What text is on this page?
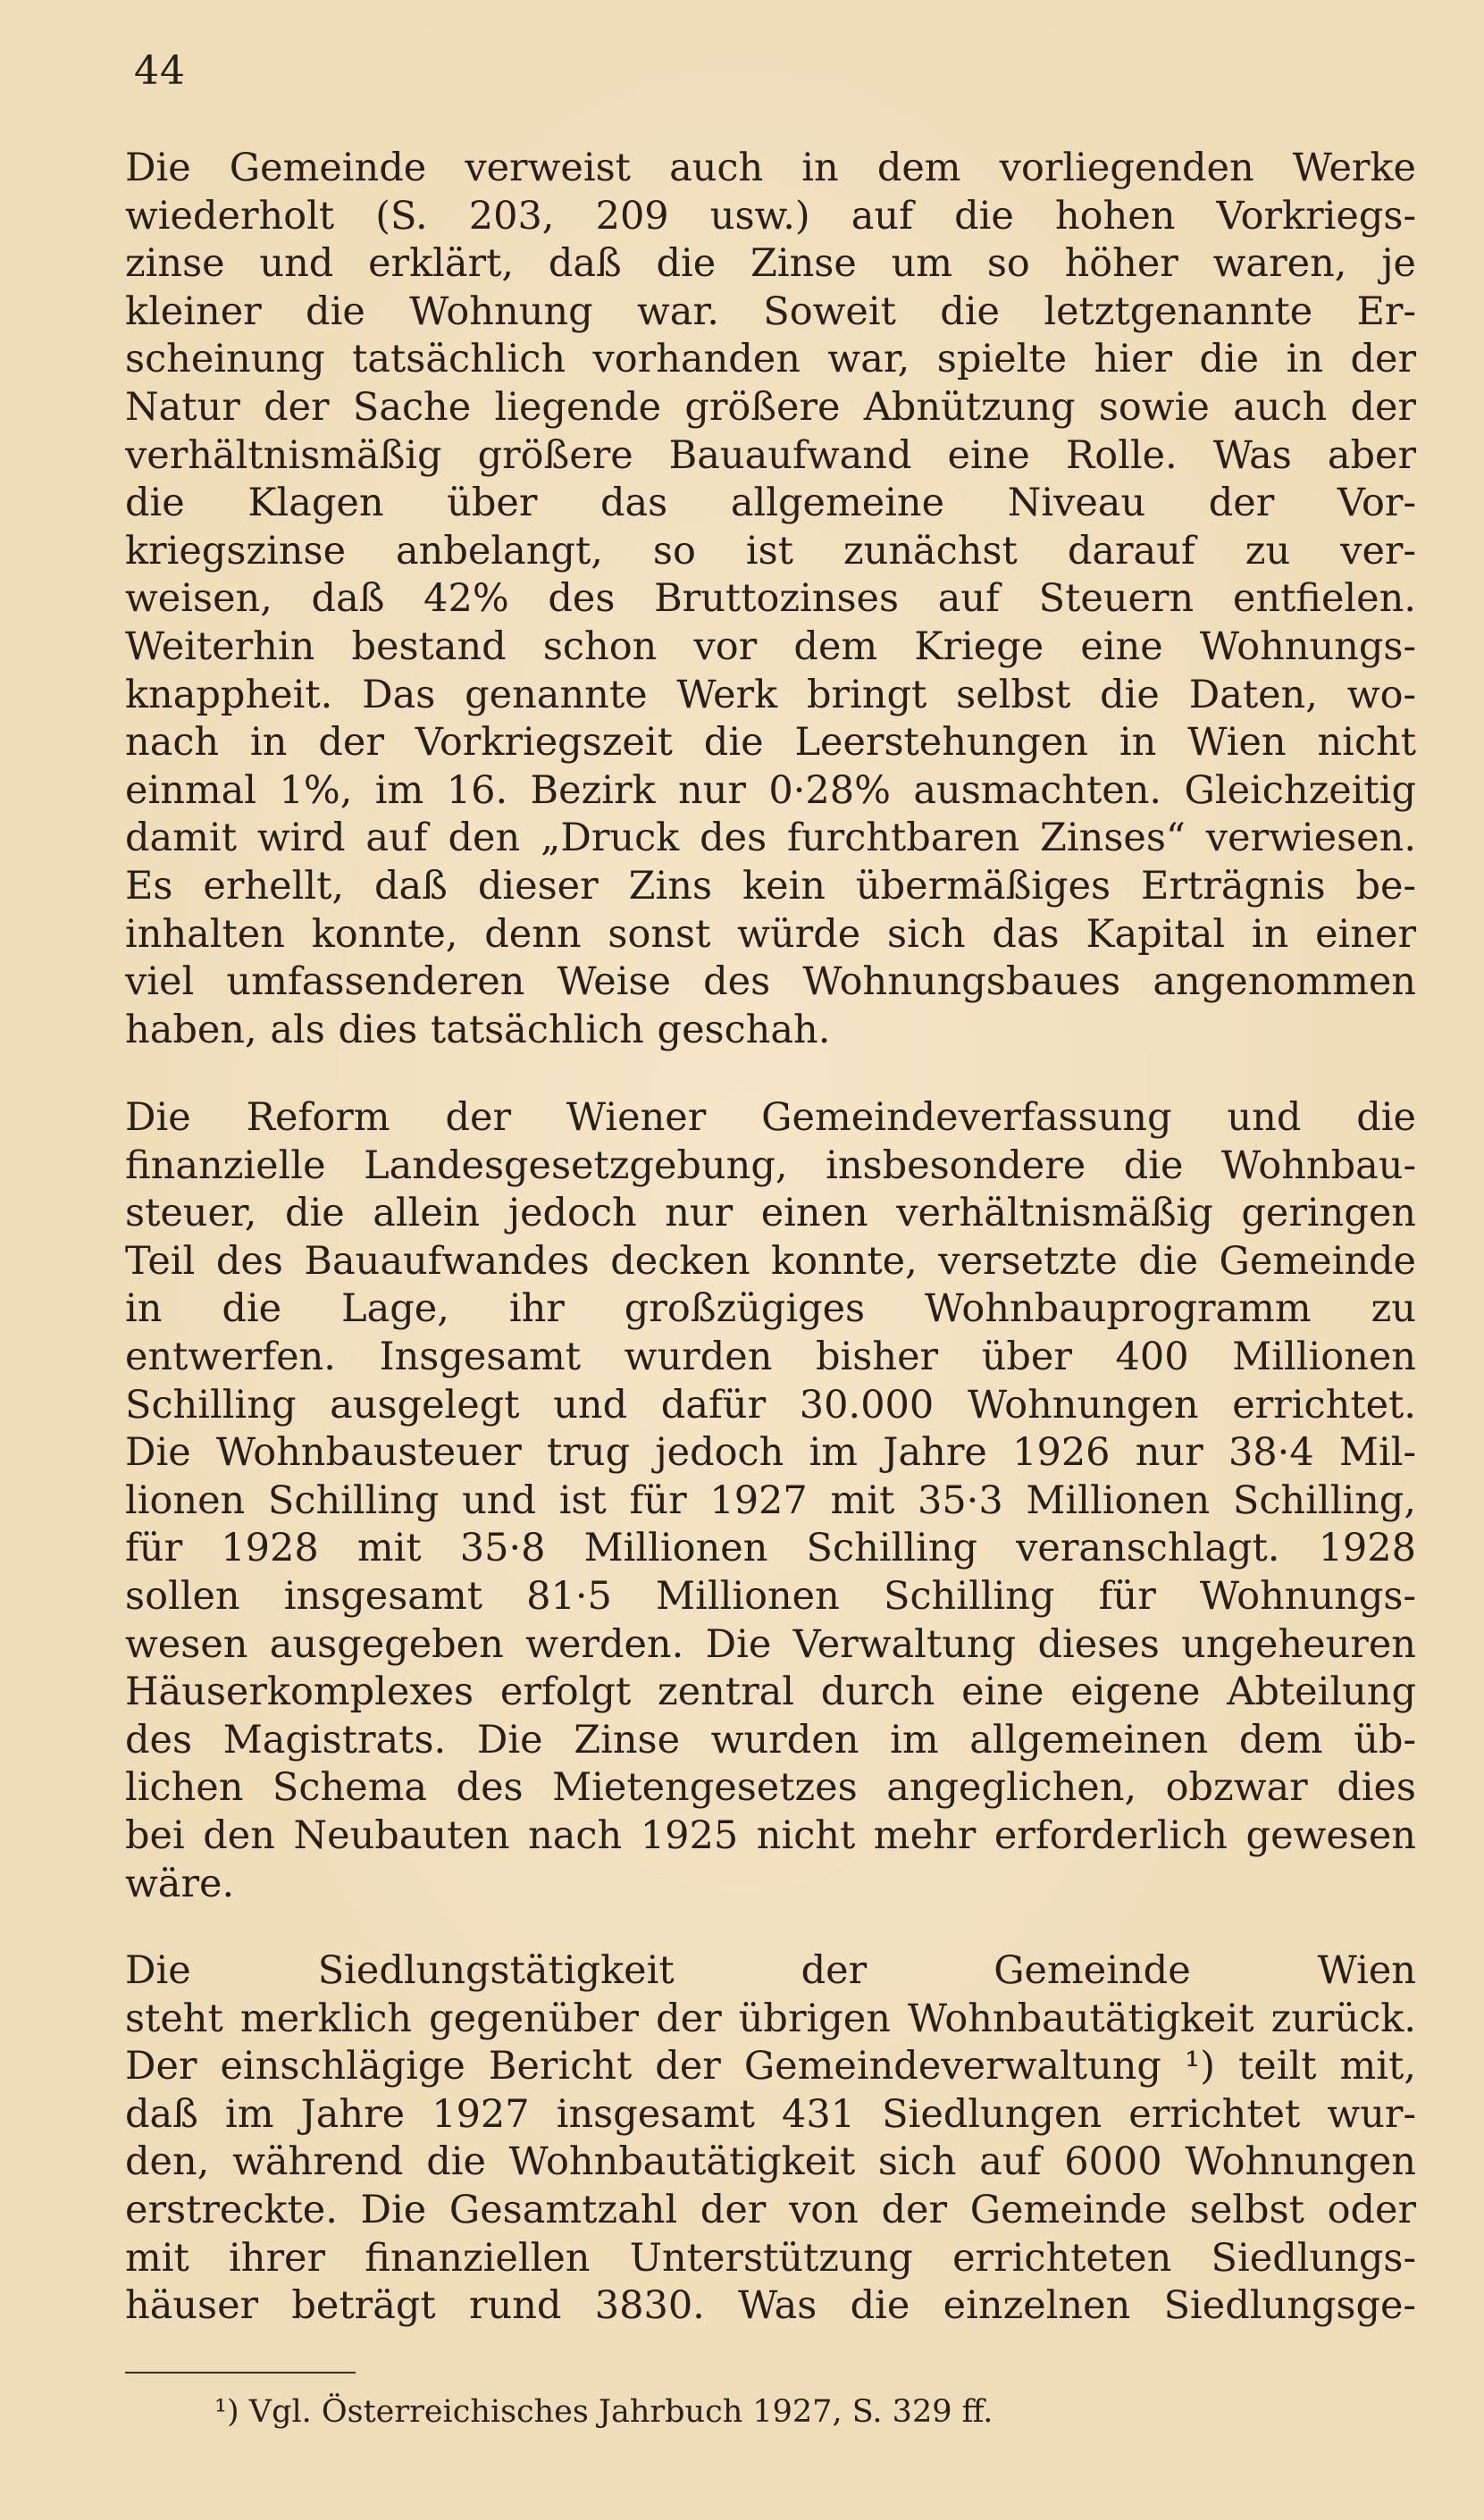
44

Die Gemeinde verweist auch in dem vorliegenden Werke
wiederholt (S. 203, 209 usw.) auf die hohen Vorkriegs-
zinse und erklärt, daß die Zinse um so höher waren, je
kleiner die Wohnung war. Soweit die letztgenannte Er-
scheinung tatsächlich vorhanden war, spielte hier die in der
Natur der Sache liegende größere Abnützung sowie auch der
verhältnismäßig größere Bauaufwand eine Rolle. Was aber
die Klagen über das allgemeine Niveau der Vor-
kriegszinse anbelangt, so ist zunächst darauf zu ver-
weisen, daß 42% des Bruttozinses auf Steuern entfielen.
Weiterhin bestand schon vor dem Kriege eine Wohnungs-
knappheit. Das genannte Werk bringt selbst die Daten, wo-
nach in der Vorkriegszeit die Leerstehungen in Wien nicht
einmal 1%, im 16. Bezirk nur 0·28% ausmachten. Gleichzeitig
damit wird auf den „Druck des furchtbaren Zinses“ verwiesen.
Es erhellt, daß dieser Zins kein übermäßiges Erträgnis be-
inhalten konnte, denn sonst würde sich das Kapital in einer
viel umfassenderen Weise des Wohnungsbaues angenommen
haben, als dies tatsächlich geschah.

Die Reform der Wiener Gemeindeverfassung und die
finanzielle Landesgesetzgebung, insbesondere die Wohnbau-
steuer, die allein jedoch nur einen verhältnismäßig geringen
Teil des Bauaufwandes decken konnte, versetzte die Gemeinde
in die Lage, ihr großzügiges Wohnbauprogramm zu
entwerfen. Insgesamt wurden bisher über 400 Millionen
Schilling ausgelegt und dafür 30.000 Wohnungen errichtet.
Die Wohnbausteuer trug jedoch im Jahre 1926 nur 38·4 Mil-
lionen Schilling und ist für 1927 mit 35·3 Millionen Schilling,
für 1928 mit 35·8 Millionen Schilling veranschlagt. 1928
sollen insgesamt 81·5 Millionen Schilling für Wohnungs-
wesen ausgegeben werden. Die Verwaltung dieses ungeheuren
Häuserkomplexes erfolgt zentral durch eine eigene Abteilung
des Magistrats. Die Zinse wurden im allgemeinen dem üb-
lichen Schema des Mietengesetzes angeglichen, obzwar dies
bei den Neubauten nach 1925 nicht mehr erforderlich gewesen
wäre.

Die Siedlungstätigkeit der Gemeinde Wien
steht merklich gegenüber der übrigen Wohnbautätigkeit zurück.
Der einschlägige Bericht der Gemeindeverwaltung ¹) teilt mit,
daß im Jahre 1927 insgesamt 431 Siedlungen errichtet wur-
den, während die Wohnbautätigkeit sich auf 6000 Wohnungen
erstreckte. Die Gesamtzahl der von der Gemeinde selbst oder
mit ihrer finanziellen Unterstützung errichteten Siedlungs-
häuser beträgt rund 3830. Was die einzelnen Siedlungsge-

¹) Vgl. Österreichisches Jahrbuch 1927, S. 329 ff.
